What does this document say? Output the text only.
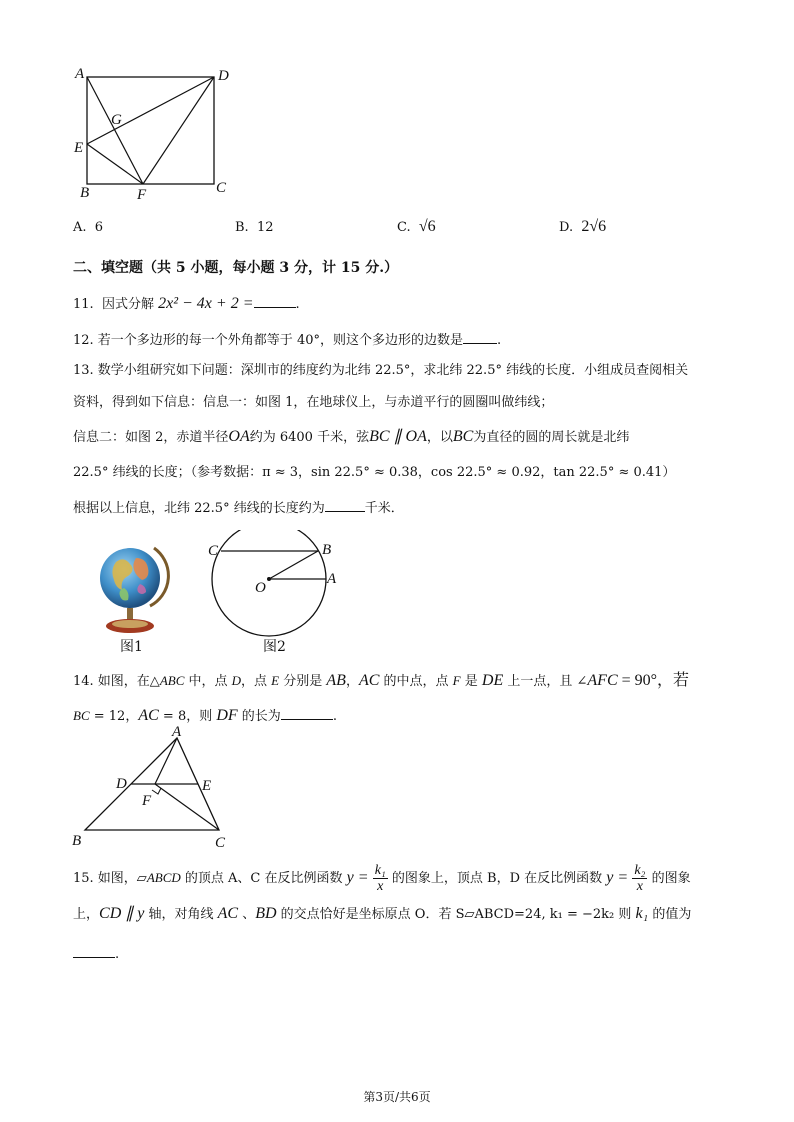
A	D
G
E
B	F	C
A. 6	B. 12	C. √6	D. 2√6
二、填空题（共 5 小题，每小题 3 分，计 15 分.）
11. 因式分解 2x² − 4x + 2 =	.
12. 若一个多边形的每一个外角都等于 40°，则这个多边形的边数是	.
13. 数学小组研究如下问题：深圳市的纬度约为北纬 22.5°，求北纬 22.5° 纬线的长度．小组成员查阅相关
资料，得到如下信息：信息一：如图 1，在地球仪上，与赤道平行的圆圈叫做纬线；
信息二：如图 2，赤道半径OA约为 6400 千米，弦BC ∥ OA，以BC为直径的圆的周长就是北纬
22.5° 纬线的长度；（参考数据：π ≈ 3，sin 22.5° ≈ 0.38，cos 22.5° ≈ 0.92，tan 22.5° ≈ 0.41）
根据以上信息，北纬 22.5° 纬线的长度约为	千米．
图1
C	B
O
A
图2
14. 如图，在△ABC 中，点 D，点 E 分别是 AB，AC 的中点，点 F 是 DE 上一点，且 ∠AFC = 90°，若
BC = 12，AC = 8，则 DF 的长为	.
A
D	E
F
B	C
15. 如图，▱ABCD 的顶点 A、C 在反比例函数 $y = \frac{\text{k₁}}{x}$ 的图象上，顶点 B，D 在反比例函数 $y = \frac{\text{k₂}}{x}$ 的图象
上，CD ∥ y 轴，对角线 AC 、BD 的交点恰好是坐标原点 O．若 S▱ABCD=24, k₁ = −2k₂ 则 k₁ 的值为
.
第3页/共6页
